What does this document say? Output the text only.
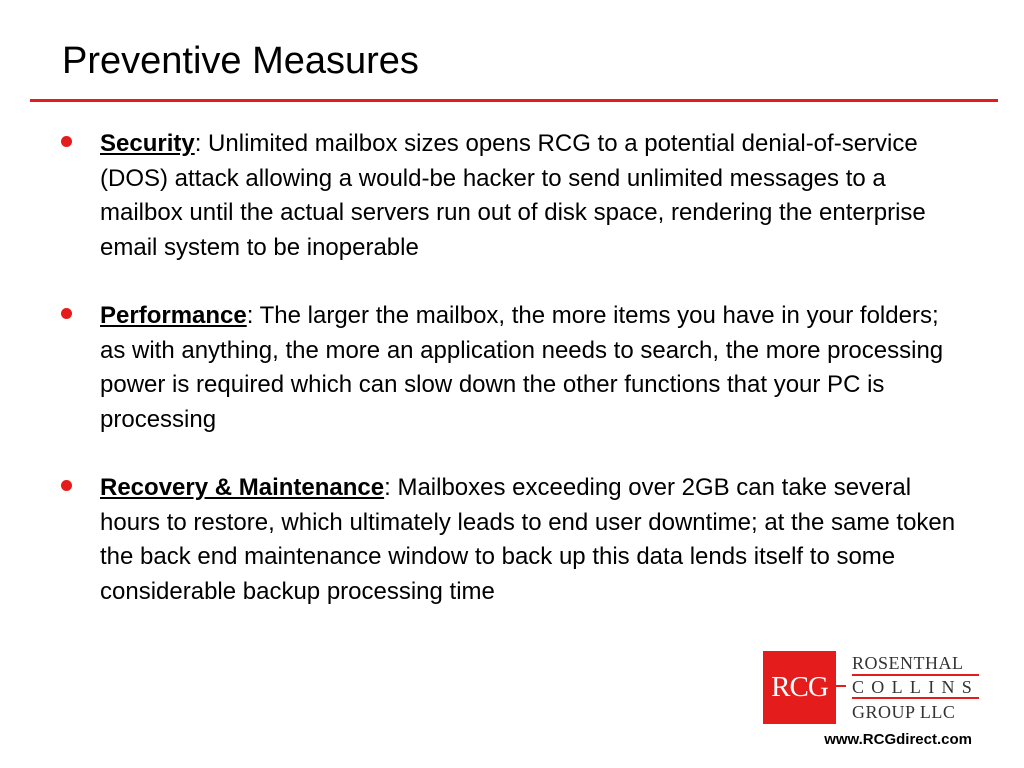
Preventive Measures
Security: Unlimited mailbox sizes opens RCG to a potential denial-of-service (DOS) attack allowing a would-be hacker to send unlimited messages to a mailbox until the actual servers run out of disk space, rendering the enterprise email system to be inoperable
Performance: The larger the mailbox, the more items you have in your folders; as with anything, the more an application needs to search, the more processing power is required which can slow down the other functions that your PC is processing
Recovery & Maintenance: Mailboxes exceeding over 2GB can take several hours to restore, which ultimately leads to end user downtime; at the same token the back end maintenance window to back up this data lends itself to some considerable backup processing time
RCG
ROSENTHAL
COLLINS
GROUP LLC
www.RCGdirect.com
